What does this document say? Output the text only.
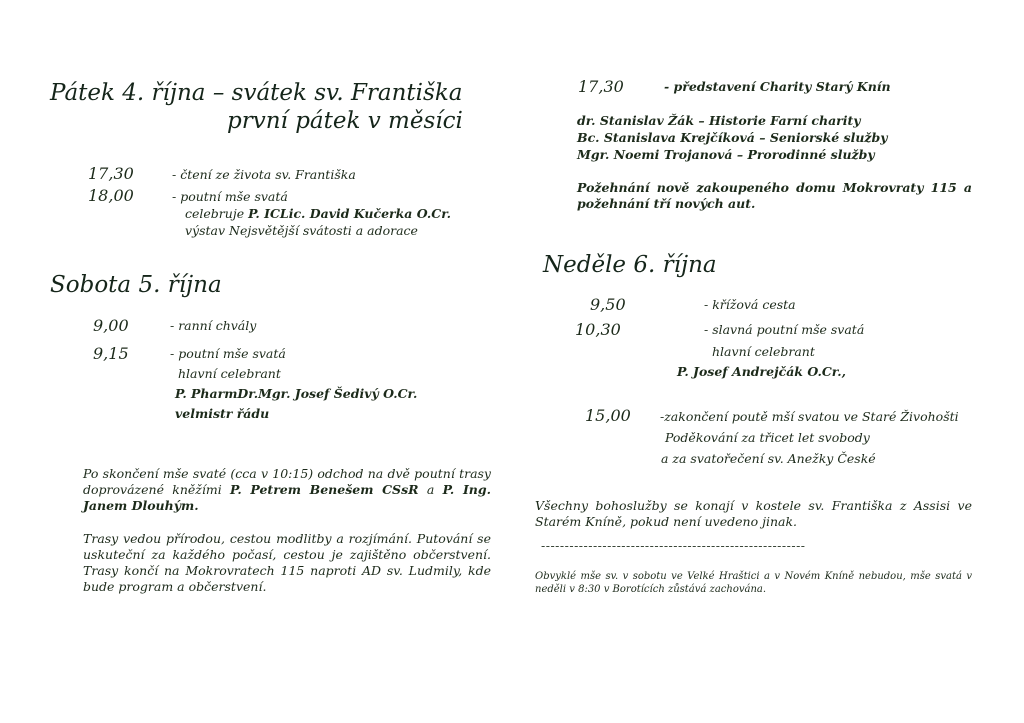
Pátek 4. října – svátek sv. Františka
první pátek v měsíci
17,30	- čtení ze života sv. Františka
18,00	- poutní mše svatá
celebruje P. ICLic. David Kučerka O.Cr.
výstav Nejsvětější svátosti a adorace
Sobota 5. října
9,00	- ranní chvály
9,15	- poutní mše svatá
hlavní celebrant
P. PharmDr.Mgr. Josef Šedivý O.Cr.
velmistr řádu
Po skončení mše svaté (cca v 10:15) odchod na dvě poutní trasy doprovázené kněžími P. Petrem Benešem CSsR a P. Ing. Janem Dlouhým.
Trasy vedou přírodou, cestou modlitby a rozjímání. Putování se uskuteční za každého počasí, cestou je zajištěno občerstvení. Trasy končí na Mokrovratech 115 naproti AD sv. Ludmily, kde bude program a občerstvení.
17,30	- představení Charity Starý Knín
dr. Stanislav Žák – Historie Farní charity
Bc. Stanislava Krejčíková – Seniorské služby
Mgr. Noemi Trojanová – Prorodinné služby
Požehnání nově zakoupeného domu Mokrovraty 115 a požehnání tří nových aut.
Neděle 6. října
9,50	- křížová cesta
10,30	- slavná poutní mše svatá
hlavní celebrant
P. Josef Andrejčák O.Cr.,
15,00 -zakončení poutě mší svatou ve Staré Živohošti
Poděkování za třicet let svobody
a za svatořečení sv. Anežky České
Všechny bohoslužby se konají v kostele sv. Františka z Assisi ve Starém Kníně, pokud není uvedeno jinak.
--------------------------------------------------------
Obvyklé mše sv. v sobotu ve Velké Hraštici a v Novém Kníně nebudou, mše svatá v neděli v 8:30 v Borotících zůstává zachována.
